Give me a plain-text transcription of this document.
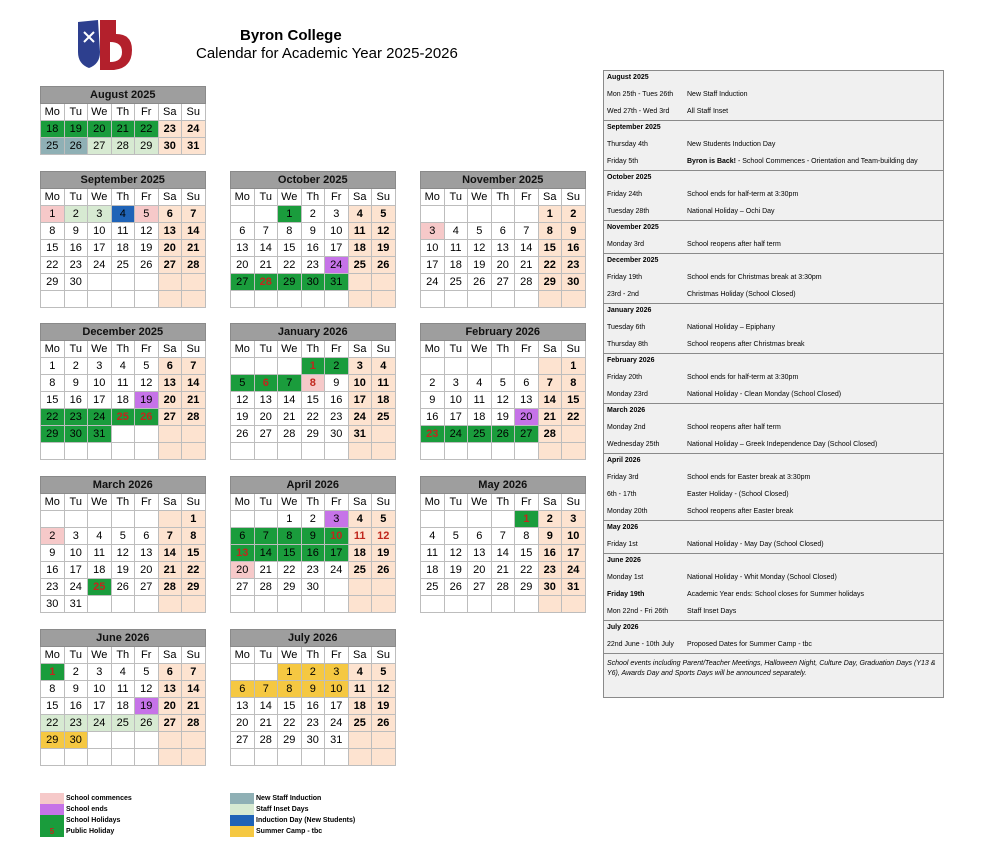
Byron College
Calendar for Academic Year 2025-2026
August 2025						
Mo	Tu	We	Th	Fr	Sa	Su
18	19	20	21	22	23	24
25	26	27	28	29	30	31
September 2025						
Mo	Tu	We	Th	Fr	Sa	Su
1	2	3	4	5	6	7
8	9	10	11	12	13	14
15	16	17	18	19	20	21
22	23	24	25	26	27	28
29	30					

October 2025						
Mo	Tu	We	Th	Fr	Sa	Su
		1	2	3	4	5
6	7	8	9	10	11	12
13	14	15	16	17	18	19
20	21	22	23	24	25	26
27	28	29	30	31		

November 2025						
Mo	Tu	We	Th	Fr	Sa	Su
					1	2
3	4	5	6	7	8	9
10	11	12	13	14	15	16
17	18	19	20	21	22	23
24	25	26	27	28	29	30

December 2025						
Mo	Tu	We	Th	Fr	Sa	Su
1	2	3	4	5	6	7
8	9	10	11	12	13	14
15	16	17	18	19	20	21
22	23	24	25	26	27	28
29	30	31				

January 2026						
Mo	Tu	We	Th	Fr	Sa	Su
			1	2	3	4
5	6	7	8	9	10	11
12	13	14	15	16	17	18
19	20	21	22	23	24	25
26	27	28	29	30	31	

February 2026						
Mo	Tu	We	Th	Fr	Sa	Su
						1
2	3	4	5	6	7	8
9	10	11	12	13	14	15
16	17	18	19	20	21	22
23	24	25	26	27	28	

March 2026						
Mo	Tu	We	Th	Fr	Sa	Su
						1
2	3	4	5	6	7	8
9	10	11	12	13	14	15
16	17	18	19	20	21	22
23	24	25	26	27	28	29
30	31					
April 2026						
Mo	Tu	We	Th	Fr	Sa	Su
		1	2	3	4	5
6	7	8	9	10	11	12
13	14	15	16	17	18	19
20	21	22	23	24	25	26
27	28	29	30			

May 2026						
Mo	Tu	We	Th	Fr	Sa	Su
				1	2	3
4	5	6	7	8	9	10
11	12	13	14	15	16	17
18	19	20	21	22	23	24
25	26	27	28	29	30	31

June 2026						
Mo	Tu	We	Th	Fr	Sa	Su
1	2	3	4	5	6	7
8	9	10	11	12	13	14
15	16	17	18	19	20	21
22	23	24	25	26	27	28
29	30					

July 2026						
Mo	Tu	We	Th	Fr	Sa	Su
		1	2	3	4	5
6	7	8	9	10	11	12
13	14	15	16	17	18	19
20	21	22	23	24	25	26
27	28	29	30	31		

August 2025
Mon 25th - Tues 26th New Staff Induction
Wed 27th - Wed 3rd	All Staff Inset
September 2025
Thursday 4th	New Students Induction Day
Friday 5th	Byron is Back! - School Commences - Orientation and Team-building day
October 2025
Friday 24th	School ends for half-term at 3:30pm
Tuesday 28th	National Holiday – Ochi Day
November 2025
Monday 3rd	School reopens after half term
December 2025
Friday 19th	School ends for Christmas break at 3:30pm
23rd - 2nd	Christmas Holiday (School Closed)
January 2026
Tuesday 6th	National Holiday – Epiphany
Thursday 8th	School reopens after Christmas break
February 2026
Friday 20th	School ends for half-term at 3:30pm
Monday 23rd	National Holiday - Clean Monday (School Closed)
March 2026
Monday 2nd	School reopens after half term
Wednesday 25th	National Holiday – Greek Independence Day (School Closed)
April 2026
Friday 3rd	School ends for Easter break at 3:30pm
6th - 17th	Easter Holiday - (School Closed)
Monday 20th	School reopens after Easter break
May 2026
Friday 1st	National Holiday - May Day (School Closed)
June 2026
Monday 1st	National Holiday - Whit Monday (School Closed)
Friday 19th	Academic Year ends: School closes for Summer holidays
Mon 22nd - Fri 26th	Staff Inset Days
July 2026
22nd June - 10th July Proposed Dates for Summer Camp - tbc
School events including Parent/Teacher Meetings, Halloween Night, Culture Day, Graduation Days (Y13 & Y6), Awards Day and Sports Days will be announced separately.
School commences
School ends
School Holidays
5	Public Holiday
New Staff Induction
Staff Inset Days
Induction Day (New Students)
Summer Camp - tbc
